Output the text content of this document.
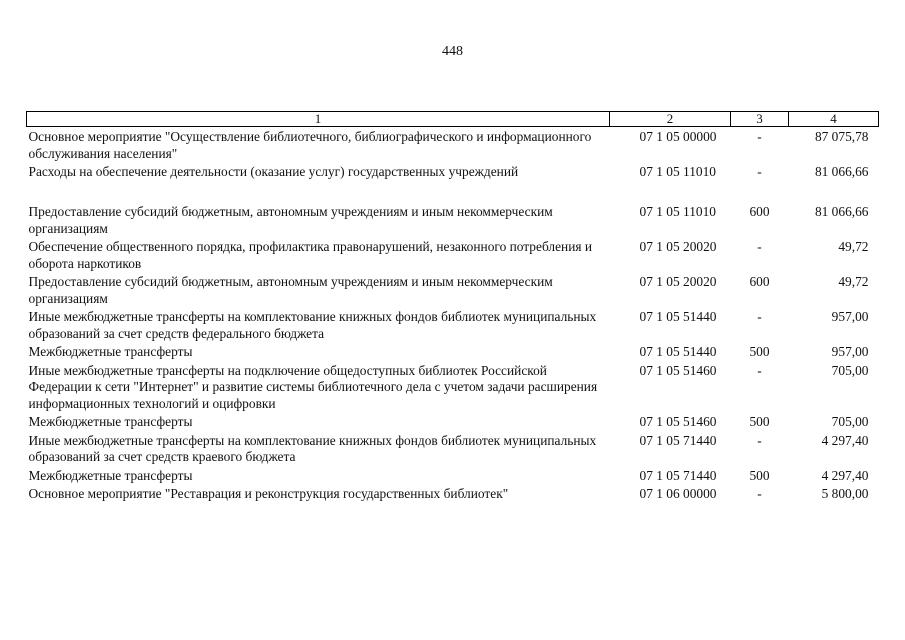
448
1	2	3	4
Основное мероприятие "Осуществление библиотечного, библиографического и информационного обслуживания населения"	07 1 05 00000	-	87 075,78
Расходы на обеспечение деятельности (оказание услуг) государственных учреждений	07 1 05 11010	-	81 066,66
Предоставление субсидий бюджетным, автономным учреждениям и иным некоммерческим организациям	07 1 05 11010	600	81 066,66
Обеспечение общественного порядка, профилактика правонарушений, незаконного потребления и оборота наркотиков	07 1 05 20020	-	49,72
Предоставление субсидий бюджетным, автономным учреждениям и иным некоммерческим организациям	07 1 05 20020	600	49,72
Иные межбюджетные трансферты на комплектование книжных фондов библиотек муниципальных образований за счет средств федерального бюджета	07 1 05 51440	-	957,00
Межбюджетные трансферты	07 1 05 51440	500	957,00
Иные межбюджетные трансферты на подключение общедоступных библиотек Российской Федерации к сети "Интернет" и развитие системы библиотечного дела с учетом задачи расширения информационных технологий и оцифровки	07 1 05 51460	-	705,00
Межбюджетные трансферты	07 1 05 51460	500	705,00
Иные межбюджетные трансферты на комплектование книжных фондов библиотек муниципальных образований за счет средств краевого бюджета	07 1 05 71440	-	4 297,40
Межбюджетные трансферты	07 1 05 71440	500	4 297,40
Основное мероприятие "Реставрация и реконструкция государственных библиотек"	07 1 06 00000	-	5 800,00
